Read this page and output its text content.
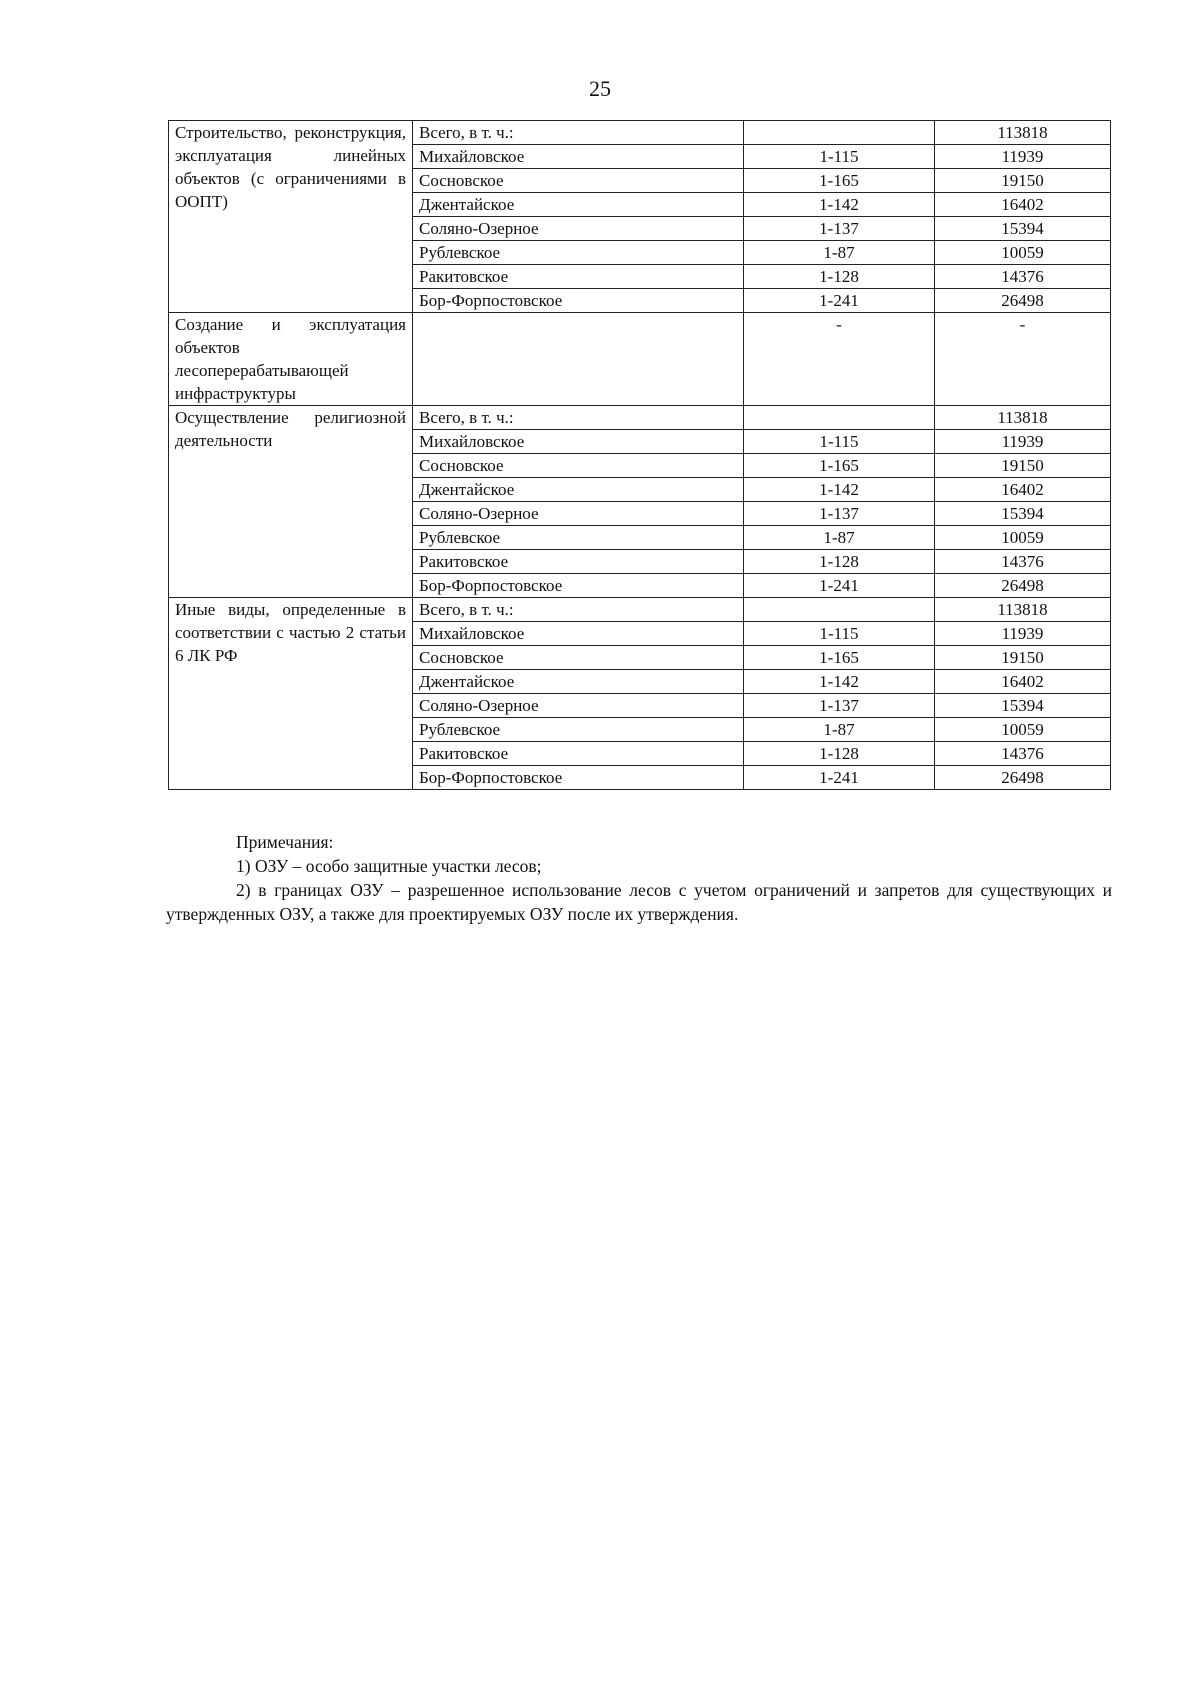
25
Строительство, реконструкция, эксплуатация линейных объектов (с ограничениями в ООПТ)	Всего, в т. ч.:		113818
	Михайловское	1-115	11939
	Сосновское	1-165	19150
	Джентайское	1-142	16402
	Соляно-Озерное	1-137	15394
	Рублевское	1-87	10059
	Ракитовское	1-128	14376
	Бор-Форпостовское	1-241	26498
Создание и эксплуатация объектов лесоперерабатывающей инфраструктуры		-	-
Осуществление религиозной деятельности	Всего, в т. ч.:		113818
	Михайловское	1-115	11939
	Сосновское	1-165	19150
	Джентайское	1-142	16402
	Соляно-Озерное	1-137	15394
	Рублевское	1-87	10059
	Ракитовское	1-128	14376
	Бор-Форпостовское	1-241	26498
Иные виды, определенные в соответствии с частью 2 статьи 6 ЛК РФ	Всего, в т. ч.:		113818
	Михайловское	1-115	11939
	Сосновское	1-165	19150
	Джентайское	1-142	16402
	Соляно-Озерное	1-137	15394
	Рублевское	1-87	10059
	Ракитовское	1-128	14376
	Бор-Форпостовское	1-241	26498

Примечания:

1) ОЗУ – особо защитные участки лесов;

2) в границах ОЗУ – разрешенное использование лесов с учетом ограничений и запретов для существующих и утвержденных ОЗУ, а также для проектируемых ОЗУ после их утверждения.
